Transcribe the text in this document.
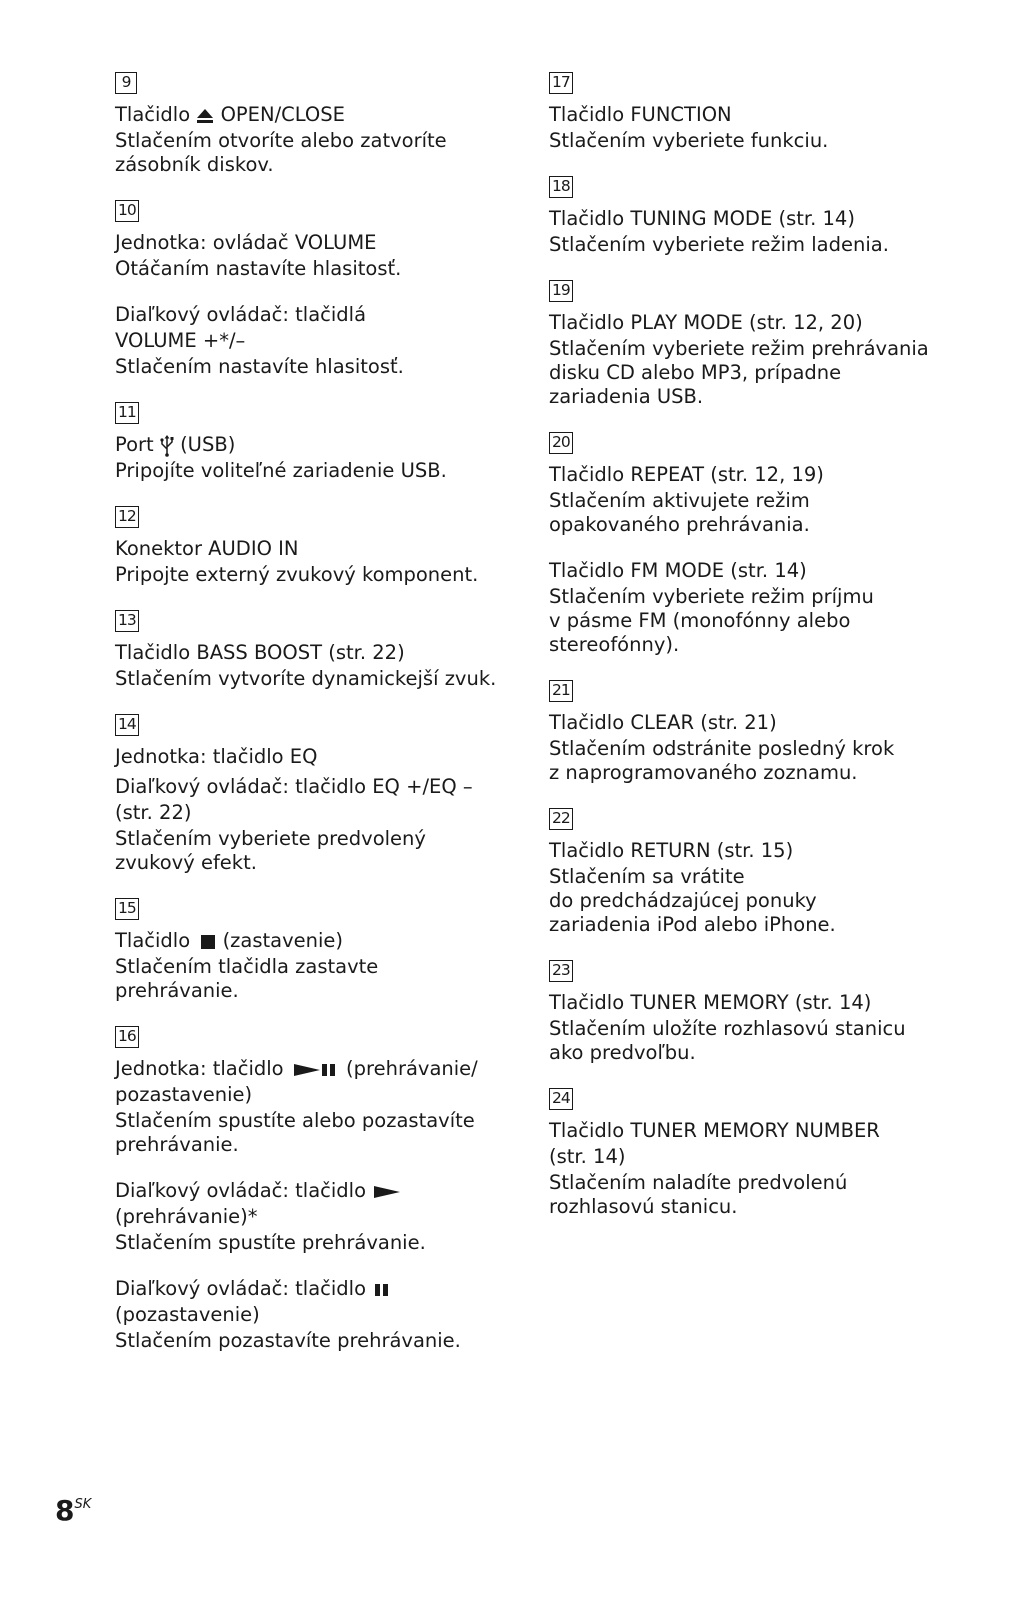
9
Tlačidlo OPEN/CLOSE
Stlačením otvoríte alebo zatvoríte
zásobník diskov.
10
Jednotka: ovládač VOLUME
Otáčaním nastavíte hlasitosť.
Diaľkový ovládač: tlačidlá
VOLUME +*/–
Stlačením nastavíte hlasitosť.
11
Port (USB)
Pripojíte voliteľné zariadenie USB.
12
Konektor AUDIO IN
Pripojte externý zvukový komponent.
13
Tlačidlo BASS BOOST (str. 22)
Stlačením vytvoríte dynamickejší zvuk.
14
Jednotka: tlačidlo EQ
Diaľkový ovládač: tlačidlo EQ +/EQ –
(str. 22)
Stlačením vyberiete predvolený
zvukový efekt.
15
Tlačidlo (zastavenie)
Stlačením tlačidla zastavte
prehrávanie.
16
Jednotka: tlačidlo	(prehrávanie/
pozastavenie)
Stlačením spustíte alebo pozastavíte
prehrávanie.
Diaľkový ovládač: tlačidlo
(prehrávanie)*
Stlačením spustíte prehrávanie.
Diaľkový ovládač: tlačidlo
(pozastavenie)
Stlačením pozastavíte prehrávanie.
17
Tlačidlo FUNCTION
Stlačením vyberiete funkciu.
18
Tlačidlo TUNING MODE (str. 14)
Stlačením vyberiete režim ladenia.
19
Tlačidlo PLAY MODE (str. 12, 20)
Stlačením vyberiete režim prehrávania
disku CD alebo MP3, prípadne
zariadenia USB.
20
Tlačidlo REPEAT (str. 12, 19)
Stlačením aktivujete režim
opakovaného prehrávania.
Tlačidlo FM MODE (str. 14)
Stlačením vyberiete režim príjmu
v pásme FM (monofónny alebo
stereofónny).
21
Tlačidlo CLEAR (str. 21)
Stlačením odstránite posledný krok
z naprogramovaného zoznamu.
22
Tlačidlo RETURN (str. 15)
Stlačením sa vrátite
do predchádzajúcej ponuky
zariadenia iPod alebo iPhone.
23
Tlačidlo TUNER MEMORY (str. 14)
Stlačením uložíte rozhlasovú stanicu
ako predvoľbu.
24
Tlačidlo TUNER MEMORY NUMBER
(str. 14)
Stlačením naladíte predvolenú
rozhlasovú stanicu.
$8^{SK}$
